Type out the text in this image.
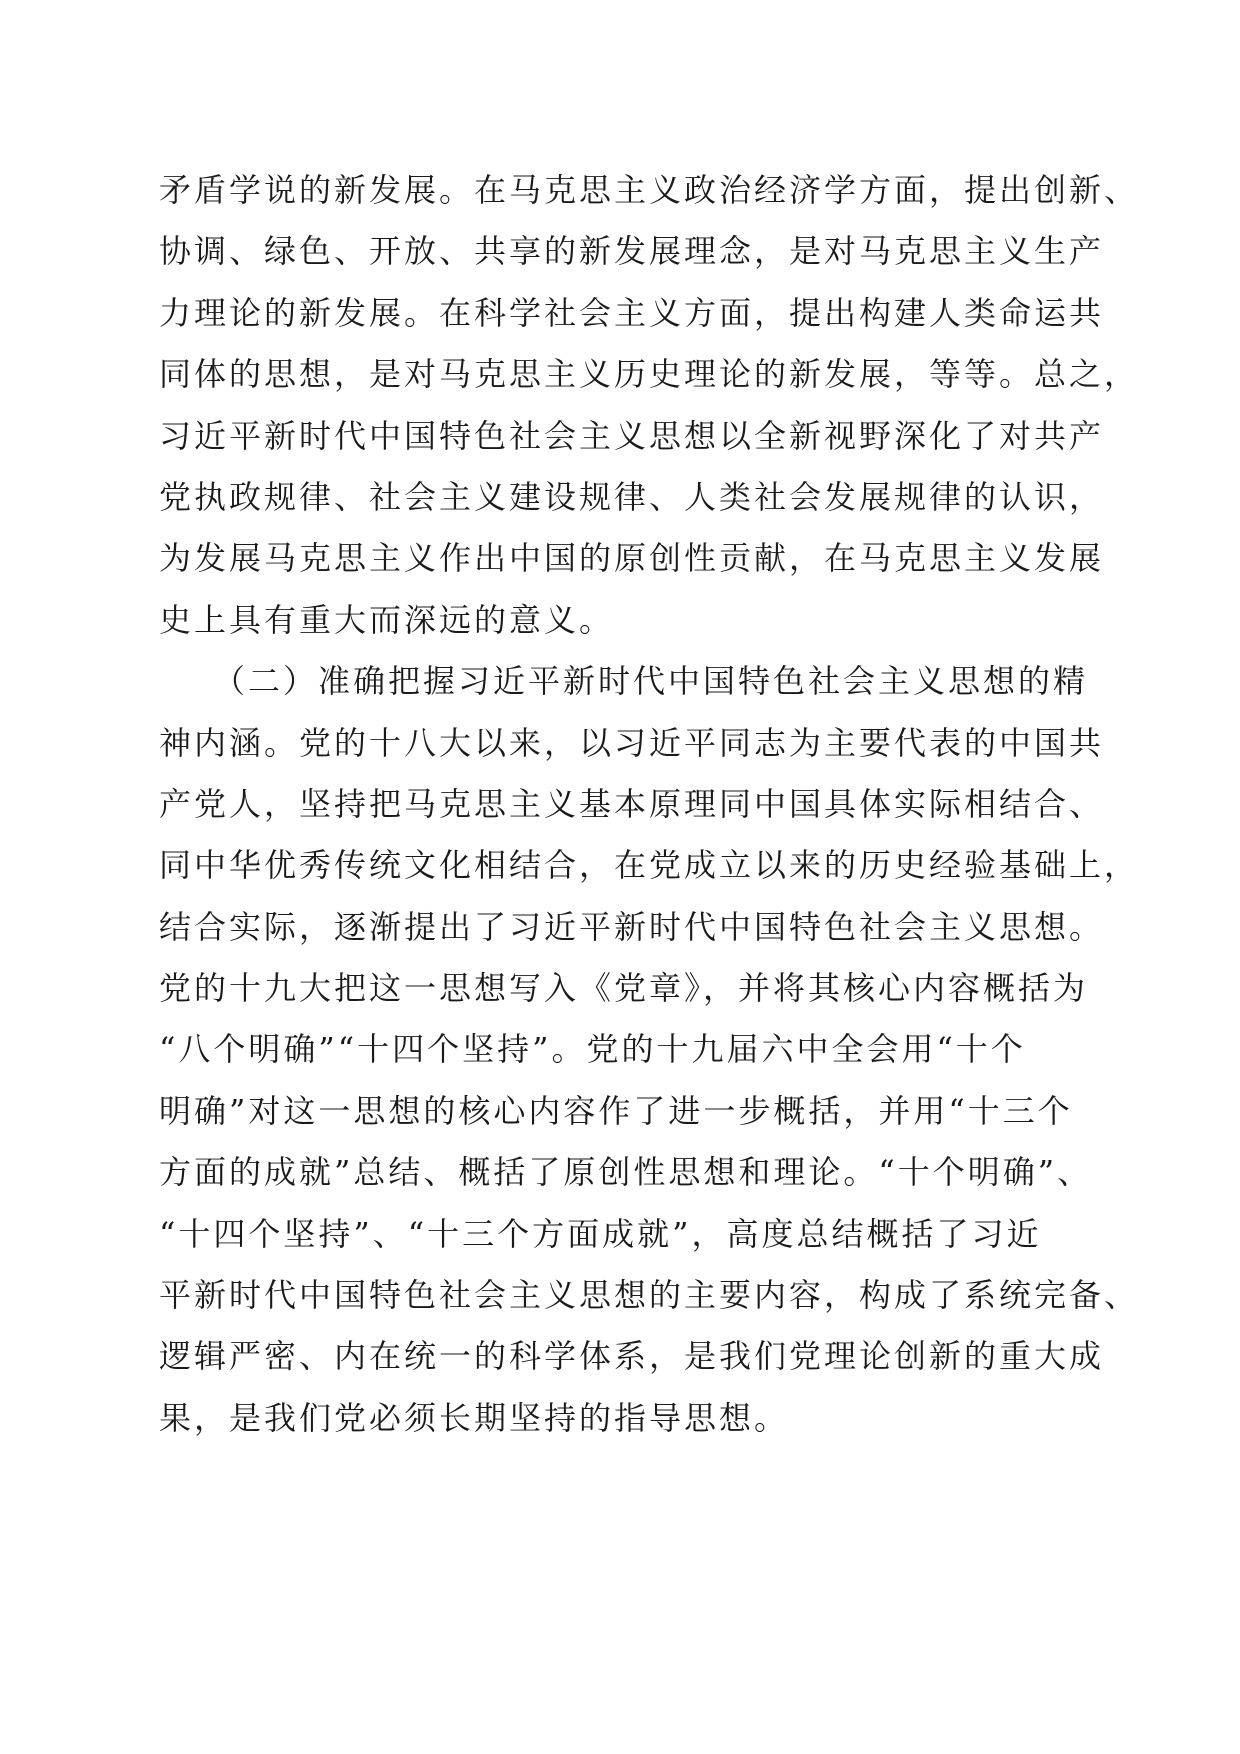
矛盾学说的新发展。在马克思主义政治经济学方面，提出创新、
协调、绿色、开放、共享的新发展理念，是对马克思主义生产
力理论的新发展。在科学社会主义方面，提出构建人类命运共
同体的思想，是对马克思主义历史理论的新发展，等等。总之，
习近平新时代中国特色社会主义思想以全新视野深化了对共产
党执政规律、社会主义建设规律、人类社会发展规律的认识，
为发展马克思主义作出中国的原创性贡献，在马克思主义发展
史上具有重大而深远的意义。
　　（二）准确把握习近平新时代中国特色社会主义思想的精
神内涵。党的十八大以来，以习近平同志为主要代表的中国共
产党人，坚持把马克思主义基本原理同中国具体实际相结合、
同中华优秀传统文化相结合，在党成立以来的历史经验基础上，
结合实际，逐渐提出了习近平新时代中国特色社会主义思想。
党的十九大把这一思想写入《党章》，并将其核心内容概括为
“八个明确”“十四个坚持”。党的十九届六中全会用“十个
明确”对这一思想的核心内容作了进一步概括，并用“十三个
方面的成就”总结、概括了原创性思想和理论。“十个明确”、
“十四个坚持”、“十三个方面成就”，高度总结概括了习近
平新时代中国特色社会主义思想的主要内容，构成了系统完备、
逻辑严密、内在统一的科学体系，是我们党理论创新的重大成
果，是我们党必须长期坚持的指导思想。
